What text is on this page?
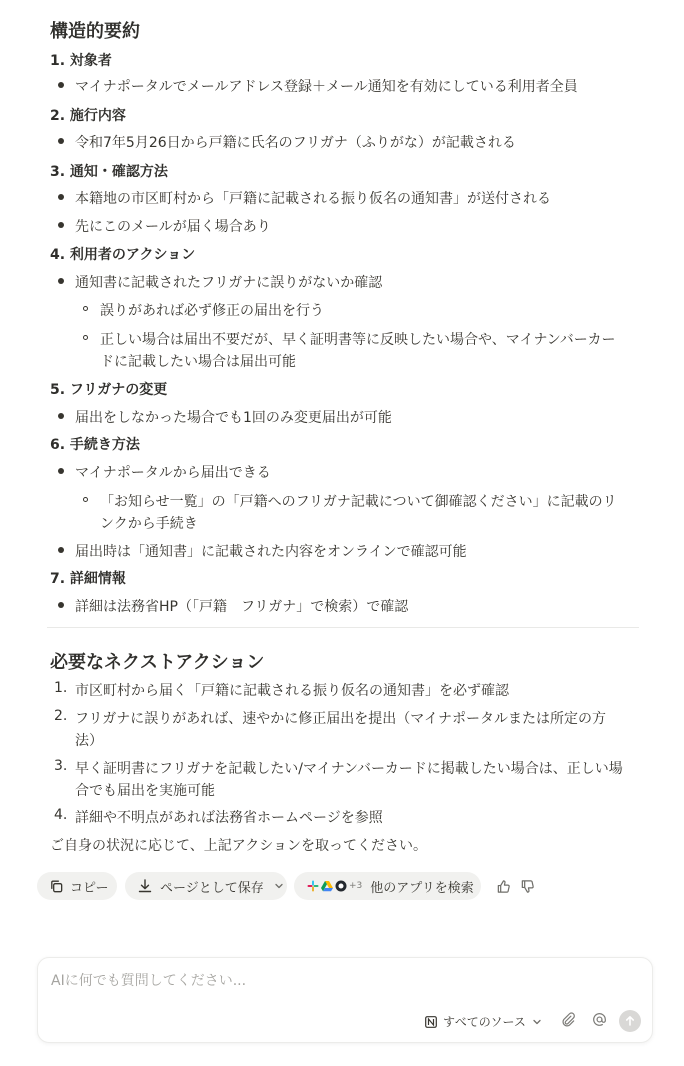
構造的要約
1. 対象者
マイナポータルでメールアドレス登録＋メール通知を有効にしている利用者全員
2. 施行内容
令和7年5月26日から戸籍に氏名のフリガナ（ふりがな）が記載される
3. 通知・確認方法
本籍地の市区町村から「戸籍に記載される振り仮名の通知書」が送付される
先にこのメールが届く場合あり
4. 利用者のアクション
通知書に記載されたフリガナに誤りがないか確認
誤りがあれば必ず修正の届出を行う
正しい場合は届出不要だが、早く証明書等に反映したい場合や、マイナンバーカー
ドに記載したい場合は届出可能
5. フリガナの変更
届出をしなかった場合でも1回のみ変更届出が可能
6. 手続き方法
マイナポータルから届出できる
「お知らせ一覧」の「戸籍へのフリガナ記載について御確認ください」に記載のリ
ンクから手続き
届出時は「通知書」に記載された内容をオンラインで確認可能
7. 詳細情報
詳細は法務省HP（「戸籍　フリガナ」で検索）で確認
必要なネクストアクション
1. 市区町村から届く「戸籍に記載される振り仮名の通知書」を必ず確認
2. フリガナに誤りがあれば、速やかに修正届出を提出（マイナポータルまたは所定の方
法）
3. 早く証明書にフリガナを記載したい/マイナンバーカードに掲載したい場合は、正しい場
合でも届出を実施可能
4. 詳細や不明点があれば法務省ホームページを参照
ご自身の状況に応じて、上記アクションを取ってください。
コピー	ページとして保存	+3 他のアプリを検索
AIに何でも質問してください...
すべてのソース
